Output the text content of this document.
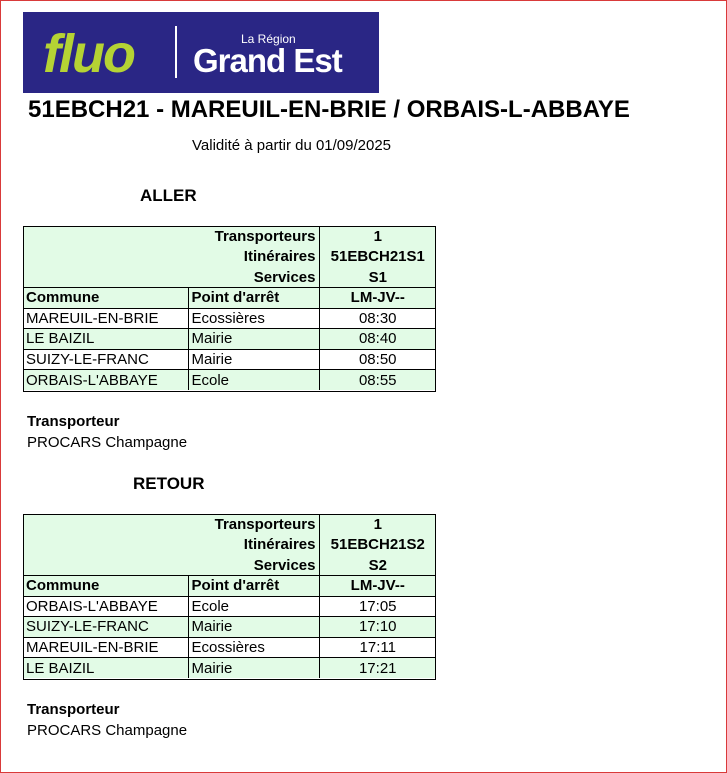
fluo	La Région
Grand Est
51EBCH21 - MAREUIL-EN-BRIE / ORBAIS-L-ABBAYE
Validité à partir du 01/09/2025
ALLER
	Transporteurs	1
	Itinéraires	51EBCH21S1
	Services	S1
Commune	Point d'arrêt	LM-JV--
MAREUIL-EN-BRIE	Ecossières	08:30
LE BAIZIL	Mairie	08:40
SUIZY-LE-FRANC	Mairie	08:50
ORBAIS-L'ABBAYE	Ecole	08:55
Transporteur
PROCARS Champagne
RETOUR
	Transporteurs	1
	Itinéraires	51EBCH21S2
	Services	S2
Commune	Point d'arrêt	LM-JV--
ORBAIS-L'ABBAYE	Ecole	17:05
SUIZY-LE-FRANC	Mairie	17:10
MAREUIL-EN-BRIE	Ecossières	17:11
LE BAIZIL	Mairie	17:21
Transporteur
PROCARS Champagne
